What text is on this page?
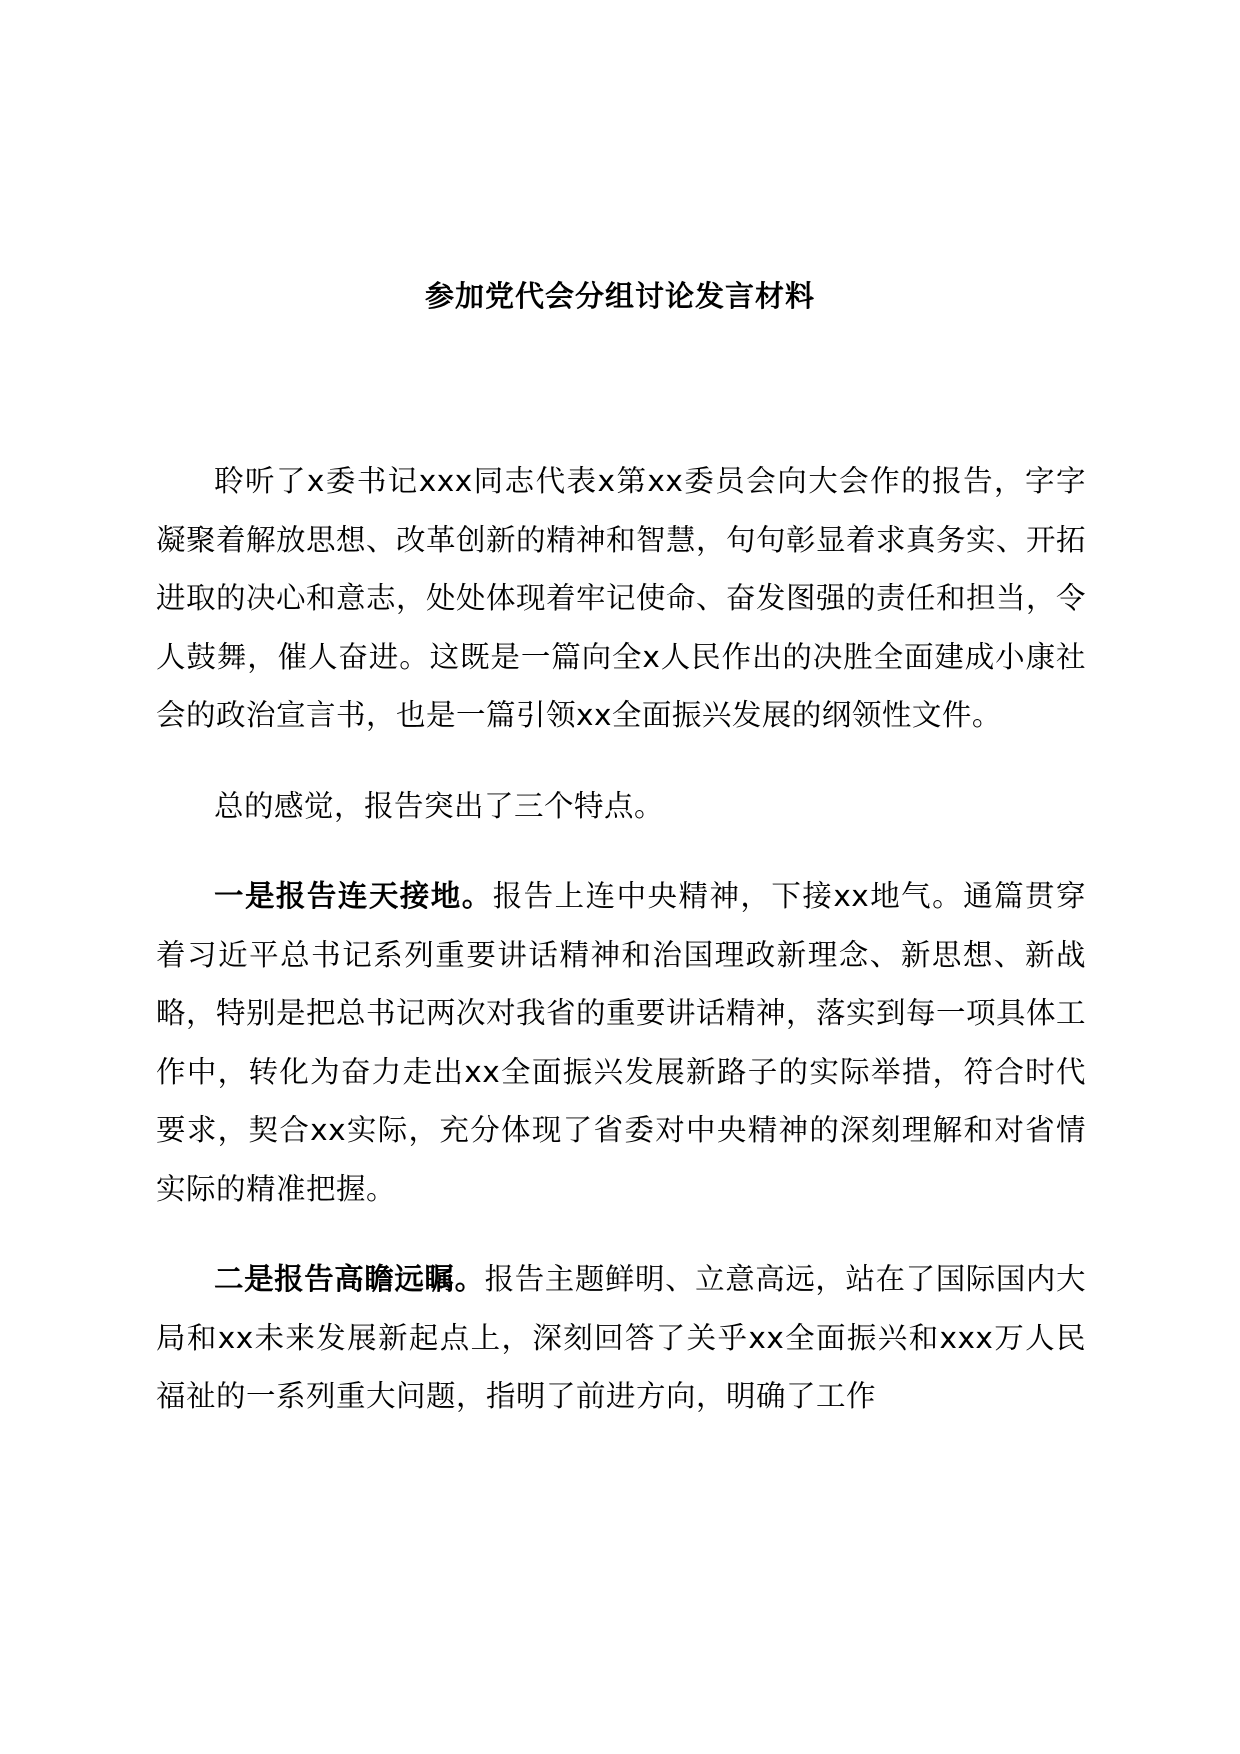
参加党代会分组讨论发言材料

聆听了x委书记xxx同志代表x第xx委员会向大会作的报告，字字凝聚着解放思想、改革创新的精神和智慧，句句彰显着求真务实、开拓进取的决心和意志，处处体现着牢记使命、奋发图强的责任和担当，令人鼓舞，催人奋进。这既是一篇向全x人民作出的决胜全面建成小康社会的政治宣言书，也是一篇引领xx全面振兴发展的纲领性文件。

总的感觉，报告突出了三个特点。

一是报告连天接地。报告上连中央精神，下接xx地气。通篇贯穿着习近平总书记系列重要讲话精神和治国理政新理念、新思想、新战略，特别是把总书记两次对我省的重要讲话精神，落实到每一项具体工作中，转化为奋力走出xx全面振兴发展新路子的实际举措，符合时代要求，契合xx实际，充分体现了省委对中央精神的深刻理解和对省情实际的精准把握。

二是报告高瞻远瞩。报告主题鲜明、立意高远，站在了国际国内大局和xx未来发展新起点上，深刻回答了关乎xx全面振兴和xxx万人民福祉的一系列重大问题，指明了前进方向，明确了工作
